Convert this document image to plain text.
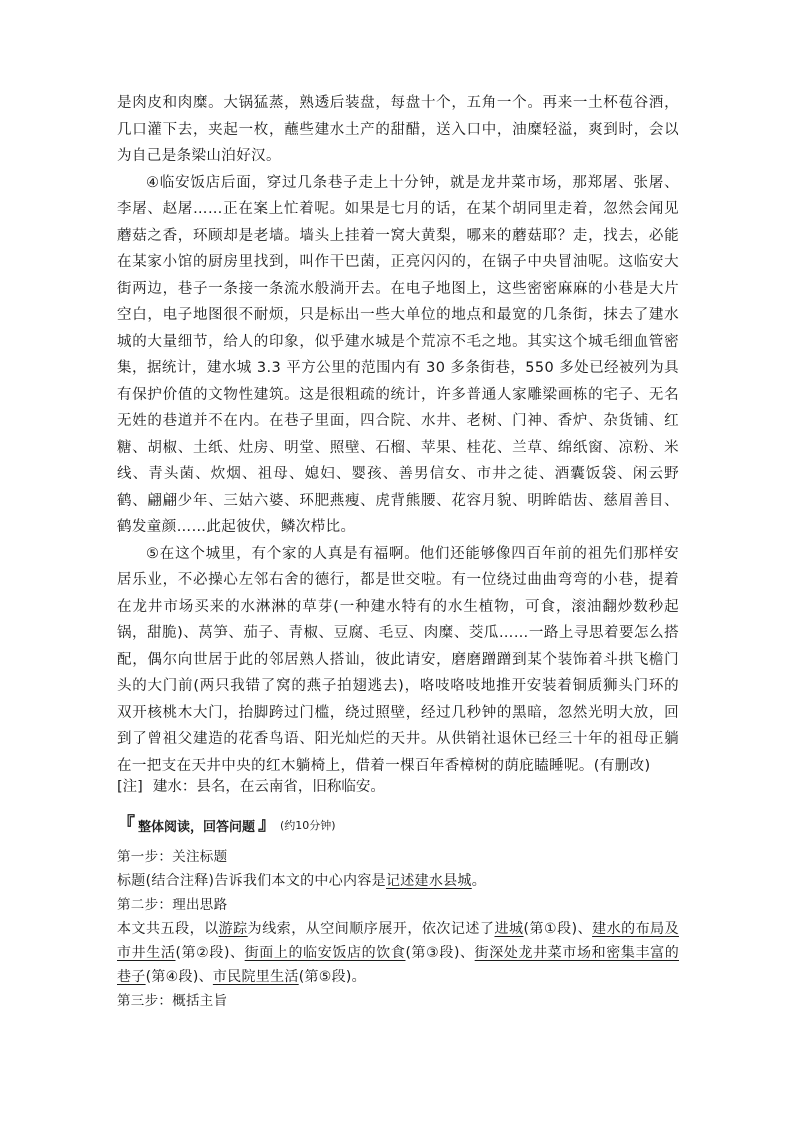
是肉皮和肉糜。大锅猛蒸，熟透后装盘，每盘十个，五角一个。再来一土杯苞谷酒，几口灌下去，夹起一枚，蘸些建水土产的甜醋，送入口中，油糜轻溢，爽到时，会以为自己是条梁山泊好汉。

④临安饭店后面，穿过几条巷子走上十分钟，就是龙井菜市场，那郑屠、张屠、李屠、赵屠……正在案上忙着呢。如果是七月的话，在某个胡同里走着，忽然会闻见蘑菇之香，环顾却是老墙。墙头上挂着一窝大黄梨，哪来的蘑菇耶？走，找去，必能在某家小馆的厨房里找到，叫作干巴菌，正亮闪闪的，在锅子中央冒油呢。这临安大街两边，巷子一条接一条流水般淌开去。在电子地图上，这些密密麻麻的小巷是大片空白，电子地图很不耐烦，只是标出一些大单位的地点和最宽的几条街，抹去了建水城的大量细节，给人的印象，似乎建水城是个荒凉不毛之地。其实这个城毛细血管密集，据统计，建水城 3.3 平方公里的范围内有 30 多条街巷，550 多处已经被列为具有保护价值的文物性建筑。这是很粗疏的统计，许多普通人家雕梁画栋的宅子、无名无姓的巷道并不在内。在巷子里面，四合院、水井、老树、门神、香炉、杂货铺、红糖、胡椒、土纸、灶房、明堂、照壁、石榴、苹果、桂花、兰草、绵纸窗、凉粉、米线、青头菌、炊烟、祖母、媳妇、婴孩、善男信女、市井之徒、酒囊饭袋、闲云野鹤、翩翩少年、三姑六婆、环肥燕瘦、虎背熊腰、花容月貌、明眸皓齿、慈眉善目、鹤发童颜……此起彼伏，鳞次栉比。

⑤在这个城里，有个家的人真是有福啊。他们还能够像四百年前的祖先们那样安居乐业，不必操心左邻右舍的德行，都是世交啦。有一位绕过曲曲弯弯的小巷，提着在龙井市场买来的水淋淋的草芽(一种建水特有的水生植物，可食，滚油翻炒数秒起锅，甜脆)、莴笋、茄子、青椒、豆腐、毛豆、肉糜、茭瓜……一路上寻思着要怎么搭配，偶尔向世居于此的邻居熟人搭讪，彼此请安，磨磨蹭蹭到某个装饰着斗拱飞檐门头的大门前(两只我错了窝的燕子拍翅逃去)，咯吱咯吱地推开安装着铜质狮头门环的双开核桃木大门，抬脚跨过门槛，绕过照壁，经过几秒钟的黑暗，忽然光明大放，回到了曾祖父建造的花香鸟语、阳光灿烂的天井。从供销社退休已经三十年的祖母正躺在一把支在天井中央的红木躺椅上，借着一棵百年香樟树的荫庇瞌睡呢。(有删改)

[注] 建水：县名，在云南省，旧称临安。
『 整体阅读，回答问题 』 (约10分钟)

第一步：关注标题

标题(结合注释)告诉我们本文的中心内容是记述建水县城。

第二步：理出思路

本文共五段，以游踪为线索，从空间顺序展开，依次记述了进城(第①段)、建水的布局及市井生活(第②段)、街面上的临安饭店的饮食(第③段)、街深处龙井菜市场和密集丰富的巷子(第④段)、市民院里生活(第⑤段)。

第三步：概括主旨
